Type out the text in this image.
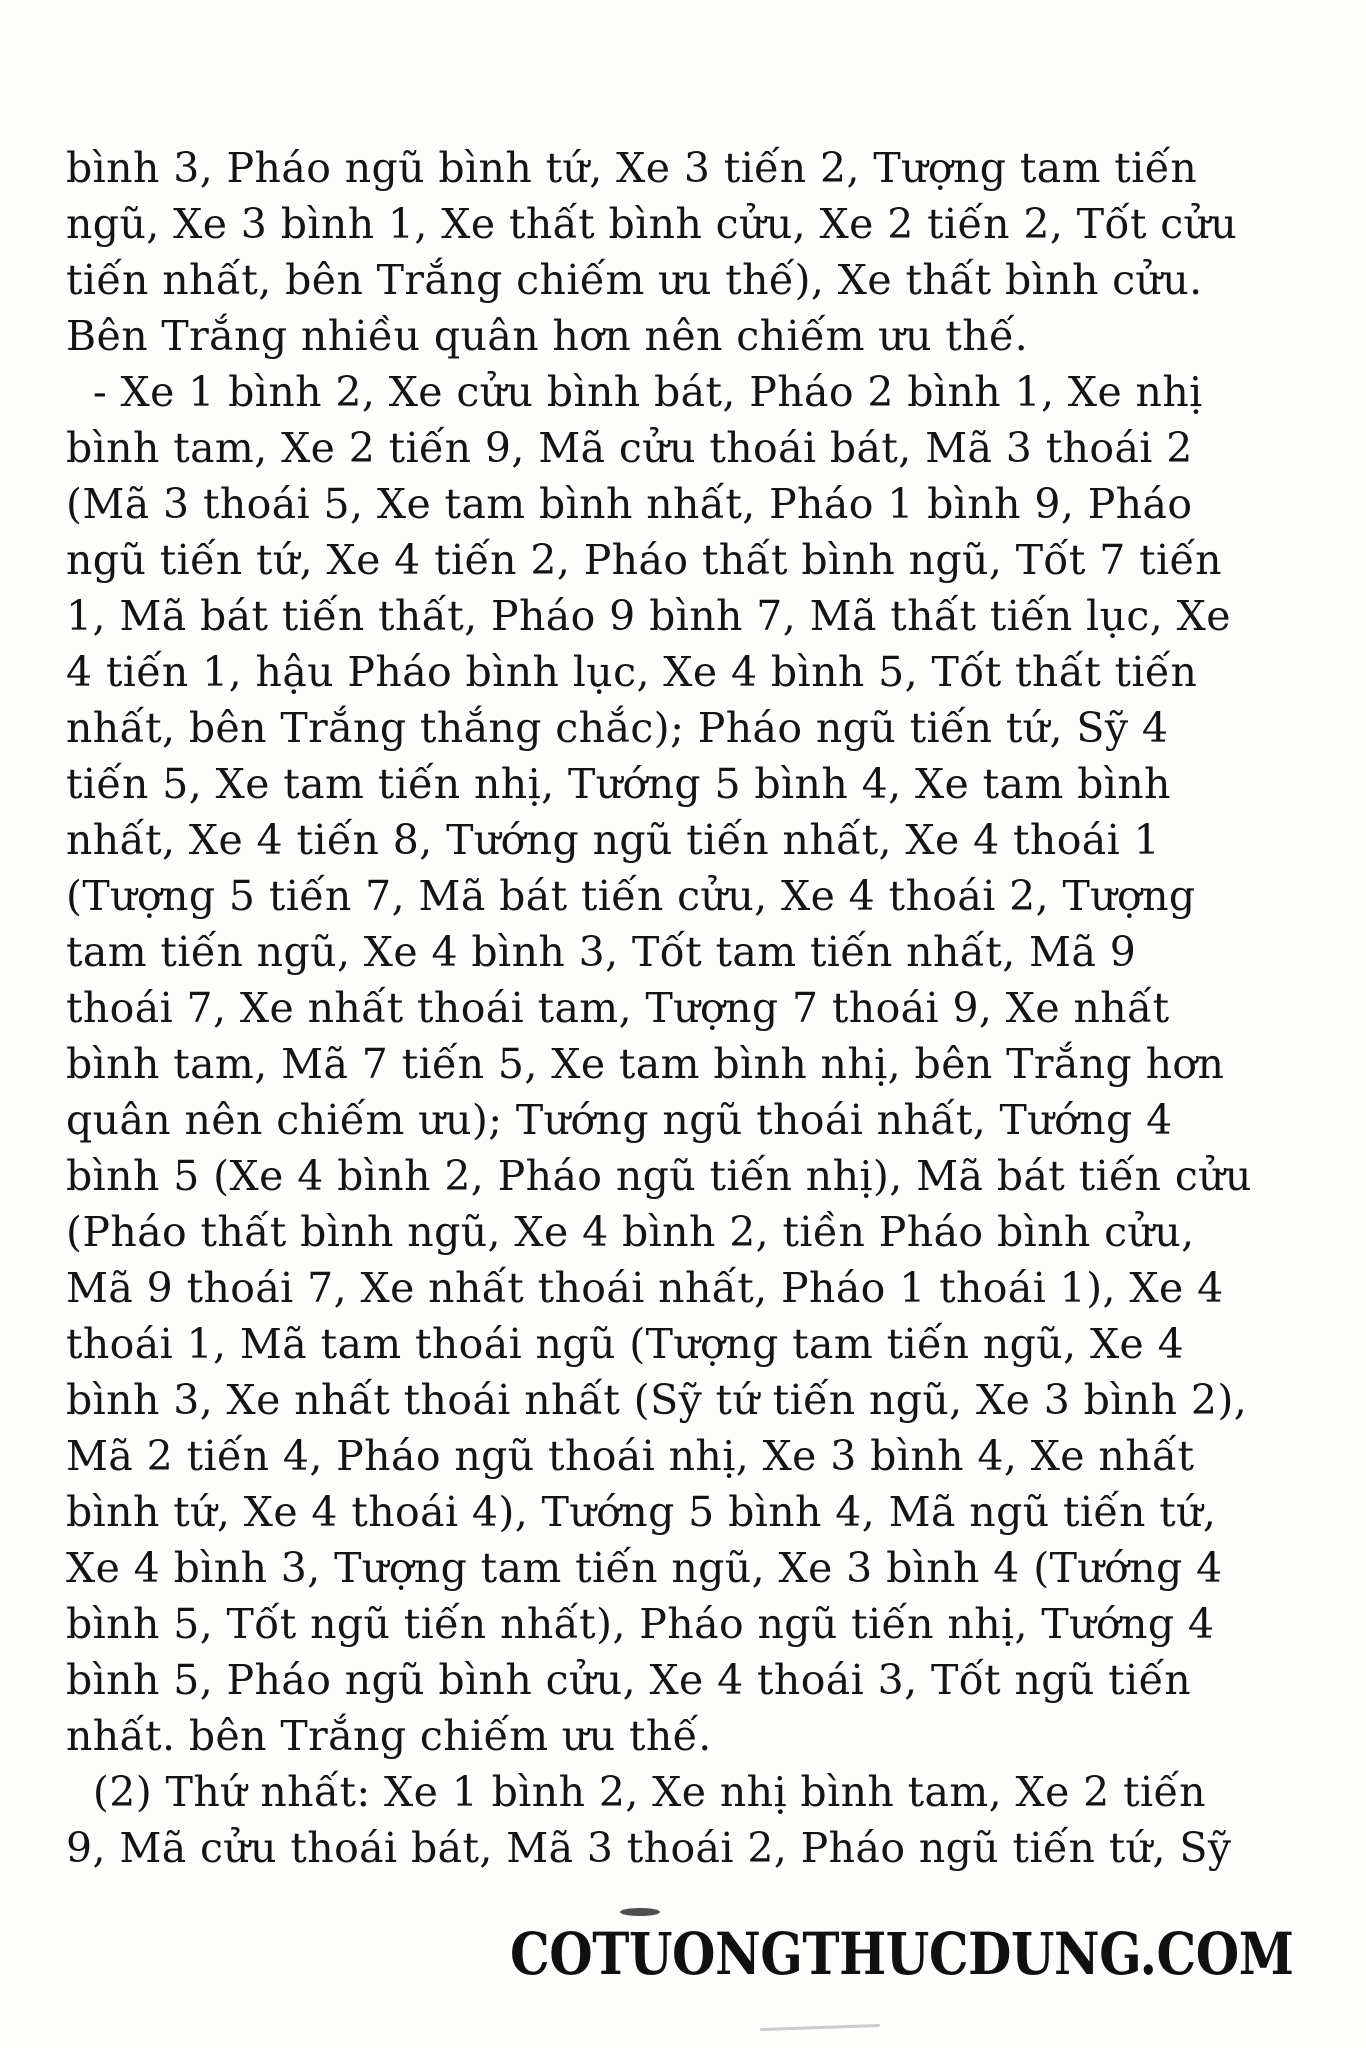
bình 3, Pháo ngũ bình tứ, Xe 3 tiến 2, Tượng tam tiến
ngũ, Xe 3 bình 1, Xe thất bình cửu, Xe 2 tiến 2, Tốt cửu
tiến nhất, bên Trắng chiếm ưu thế), Xe thất bình cửu.
Bên Trắng nhiều quân hơn nên chiếm ưu thế.
- Xe 1 bình 2, Xe cửu bình bát, Pháo 2 bình 1, Xe nhị
bình tam, Xe 2 tiến 9, Mã cửu thoái bát, Mã 3 thoái 2
(Mã 3 thoái 5, Xe tam bình nhất, Pháo 1 bình 9, Pháo
ngũ tiến tứ, Xe 4 tiến 2, Pháo thất bình ngũ, Tốt 7 tiến
1, Mã bát tiến thất, Pháo 9 bình 7, Mã thất tiến lục, Xe
4 tiến 1, hậu Pháo bình lục, Xe 4 bình 5, Tốt thất tiến
nhất, bên Trắng thắng chắc); Pháo ngũ tiến tứ, Sỹ 4
tiến 5, Xe tam tiến nhị, Tướng 5 bình 4, Xe tam bình
nhất, Xe 4 tiến 8, Tướng ngũ tiến nhất, Xe 4 thoái 1
(Tượng 5 tiến 7, Mã bát tiến cửu, Xe 4 thoái 2, Tượng
tam tiến ngũ, Xe 4 bình 3, Tốt tam tiến nhất, Mã 9
thoái 7, Xe nhất thoái tam, Tượng 7 thoái 9, Xe nhất
bình tam, Mã 7 tiến 5, Xe tam bình nhị, bên Trắng hơn
quân nên chiếm ưu); Tướng ngũ thoái nhất, Tướng 4
bình 5 (Xe 4 bình 2, Pháo ngũ tiến nhị), Mã bát tiến cửu
(Pháo thất bình ngũ, Xe 4 bình 2, tiền Pháo bình cửu,
Mã 9 thoái 7, Xe nhất thoái nhất, Pháo 1 thoái 1), Xe 4
thoái 1, Mã tam thoái ngũ (Tượng tam tiến ngũ, Xe 4
bình 3, Xe nhất thoái nhất (Sỹ tứ tiến ngũ, Xe 3 bình 2),
Mã 2 tiến 4, Pháo ngũ thoái nhị, Xe 3 bình 4, Xe nhất
bình tứ, Xe 4 thoái 4), Tướng 5 bình 4, Mã ngũ tiến tứ,
Xe 4 bình 3, Tượng tam tiến ngũ, Xe 3 bình 4 (Tướng 4
bình 5, Tốt ngũ tiến nhất), Pháo ngũ tiến nhị, Tướng 4
bình 5, Pháo ngũ bình cửu, Xe 4 thoái 3, Tốt ngũ tiến
nhất. bên Trắng chiếm ưu thế.
(2) Thứ nhất: Xe 1 bình 2, Xe nhị bình tam, Xe 2 tiến
9, Mã cửu thoái bát, Mã 3 thoái 2, Pháo ngũ tiến tứ, Sỹ
COTUONGTHUCDUNG.COM
